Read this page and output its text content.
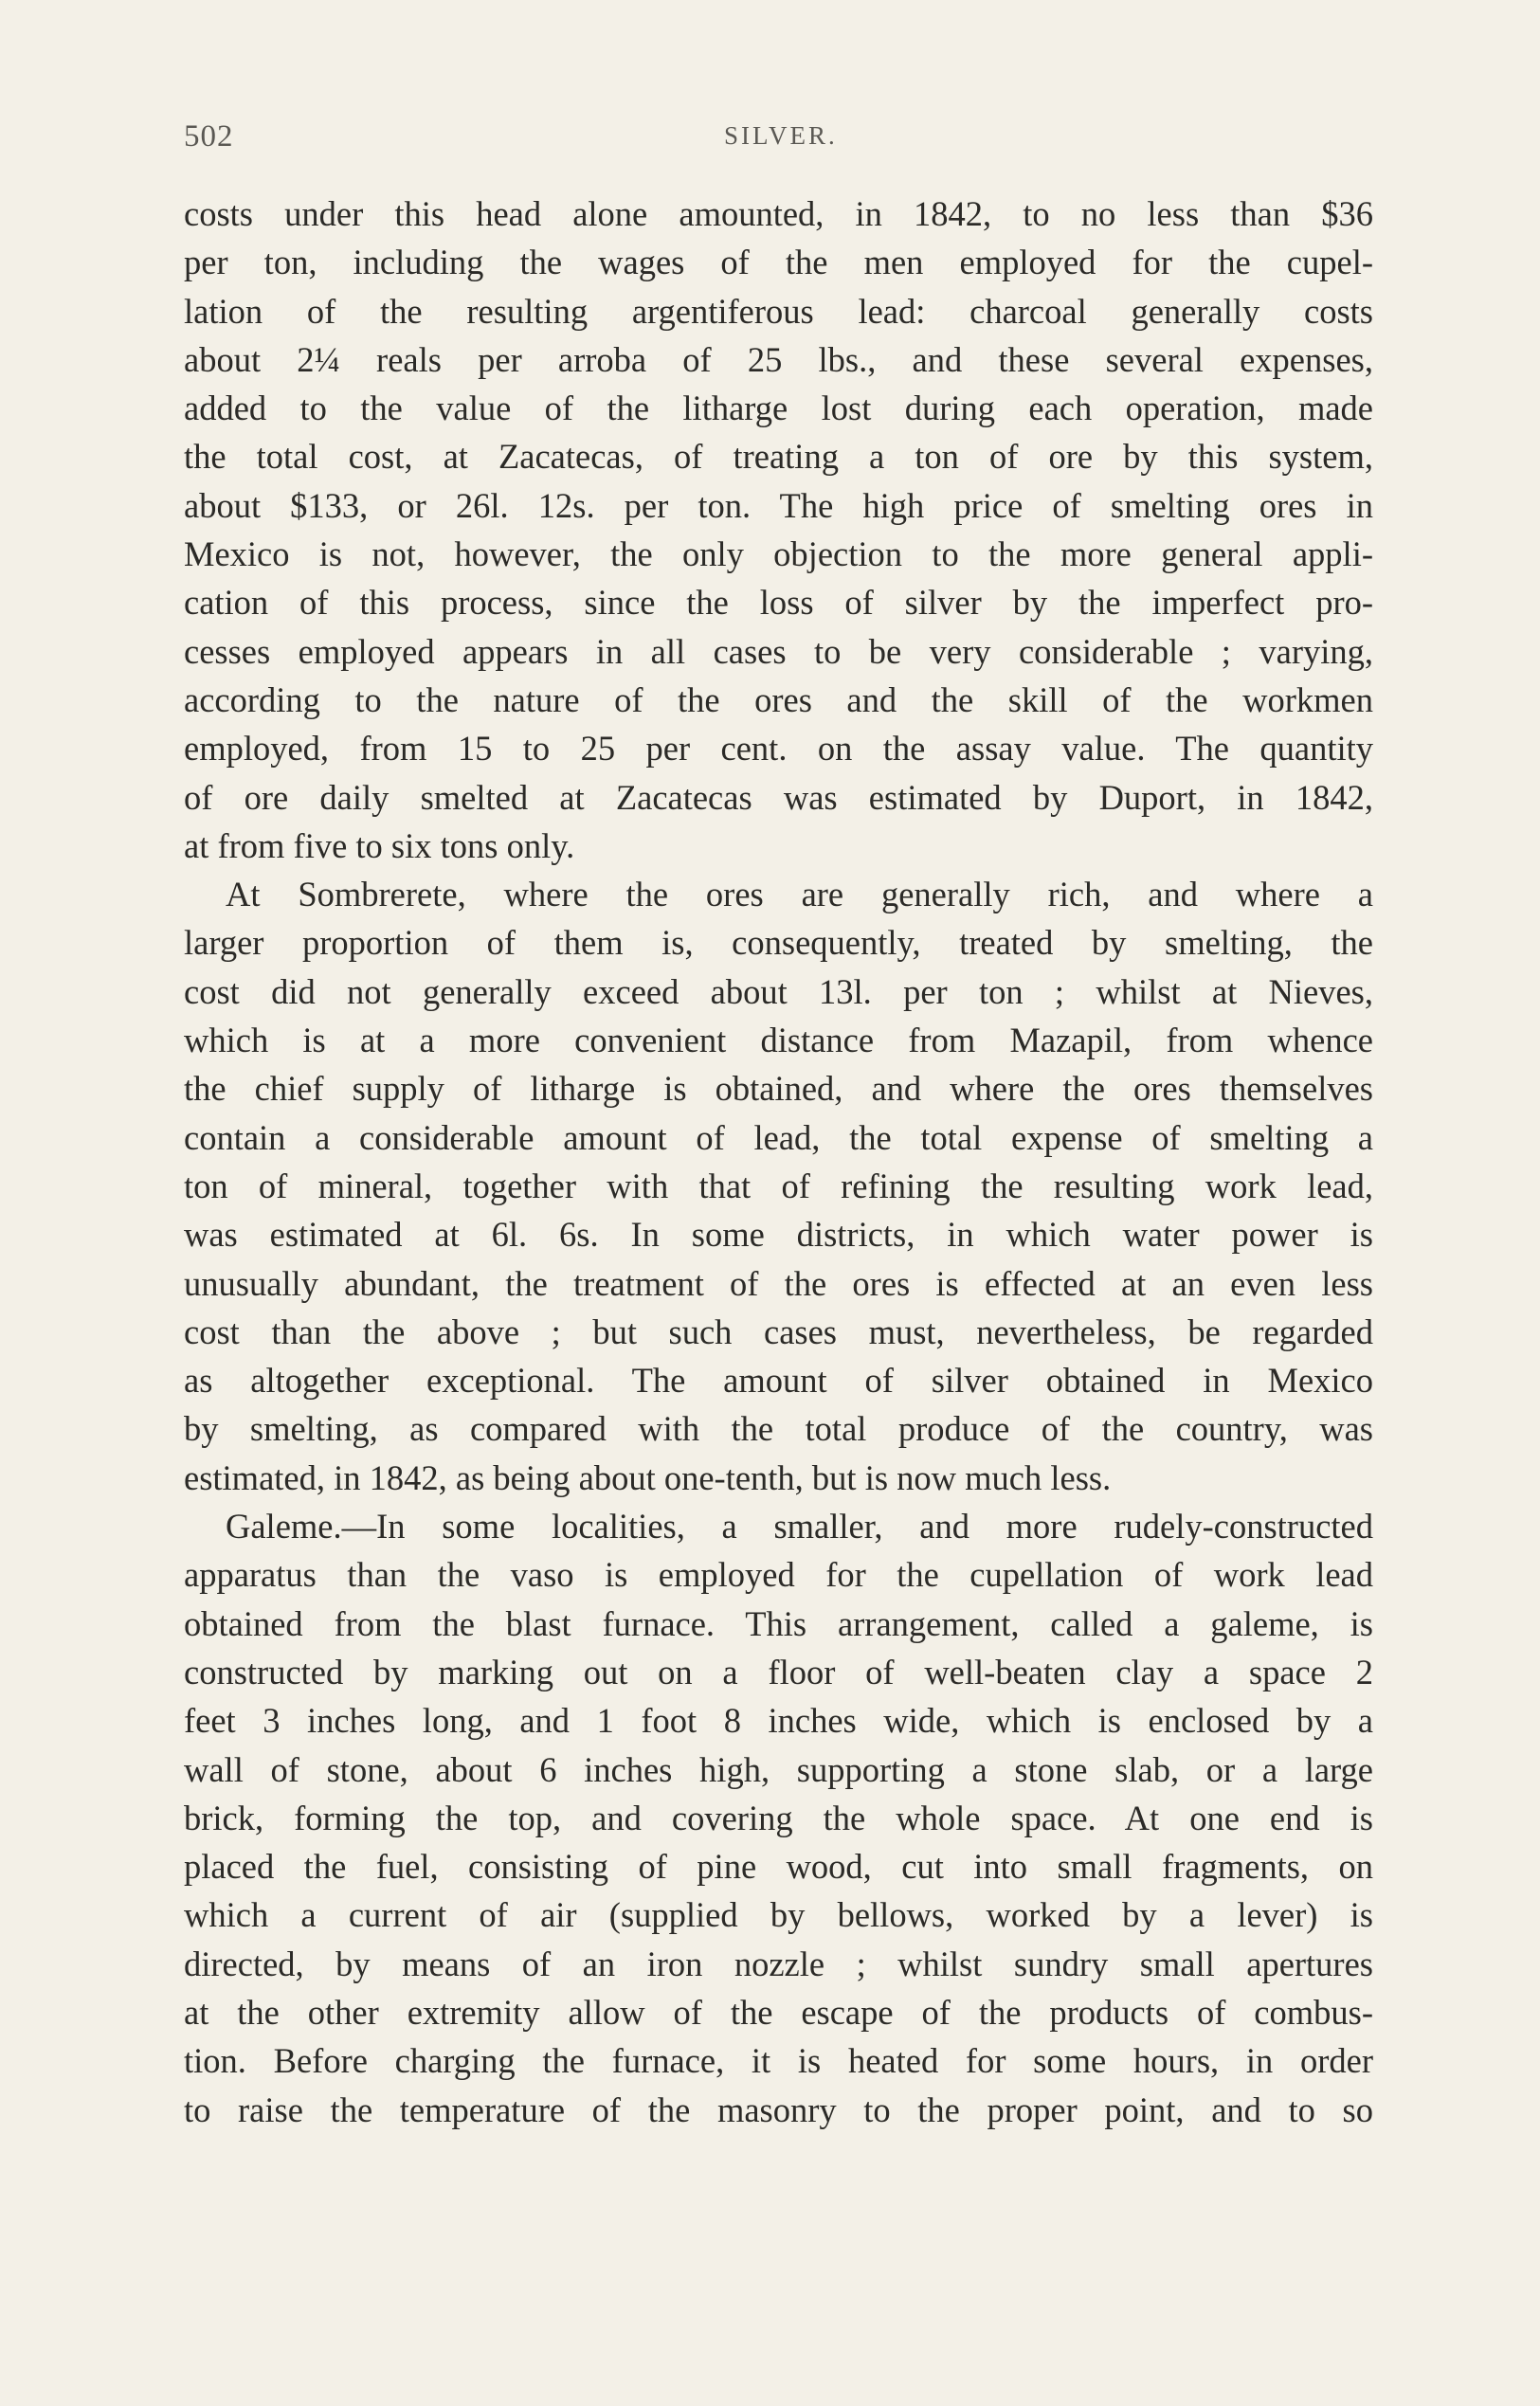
502	SILVER.
costs under this head alone amounted, in 1842, to no less than $36
per ton, including the wages of the men employed for the cupel-
lation of the resulting argentiferous lead: charcoal generally costs
about 2¼ reals per arroba of 25 lbs., and these several expenses,
added to the value of the litharge lost during each operation, made
the total cost, at Zacatecas, of treating a ton of ore by this system,
about $133, or 26l. 12s. per ton. The high price of smelting ores in
Mexico is not, however, the only objection to the more general appli-
cation of this process, since the loss of silver by the imperfect pro-
cesses employed appears in all cases to be very considerable ; varying,
according to the nature of the ores and the skill of the workmen
employed, from 15 to 25 per cent. on the assay value. The quantity
of ore daily smelted at Zacatecas was estimated by Duport, in 1842,
at from five to six tons only.
At Sombrerete, where the ores are generally rich, and where a
larger proportion of them is, consequently, treated by smelting, the
cost did not generally exceed about 13l. per ton ; whilst at Nieves,
which is at a more convenient distance from Mazapil, from whence
the chief supply of litharge is obtained, and where the ores themselves
contain a considerable amount of lead, the total expense of smelting a
ton of mineral, together with that of refining the resulting work lead,
was estimated at 6l. 6s. In some districts, in which water power is
unusually abundant, the treatment of the ores is effected at an even less
cost than the above ; but such cases must, nevertheless, be regarded
as altogether exceptional. The amount of silver obtained in Mexico
by smelting, as compared with the total produce of the country, was
estimated, in 1842, as being about one-tenth, but is now much less.
Galeme.—In some localities, a smaller, and more rudely-constructed
apparatus than the vaso is employed for the cupellation of work lead
obtained from the blast furnace. This arrangement, called a galeme, is
constructed by marking out on a floor of well-beaten clay a space 2
feet 3 inches long, and 1 foot 8 inches wide, which is enclosed by a
wall of stone, about 6 inches high, supporting a stone slab, or a large
brick, forming the top, and covering the whole space. At one end is
placed the fuel, consisting of pine wood, cut into small fragments, on
which a current of air (supplied by bellows, worked by a lever) is
directed, by means of an iron nozzle ; whilst sundry small apertures
at the other extremity allow of the escape of the products of combus-
tion. Before charging the furnace, it is heated for some hours, in order
to raise the temperature of the masonry to the proper point, and to so
